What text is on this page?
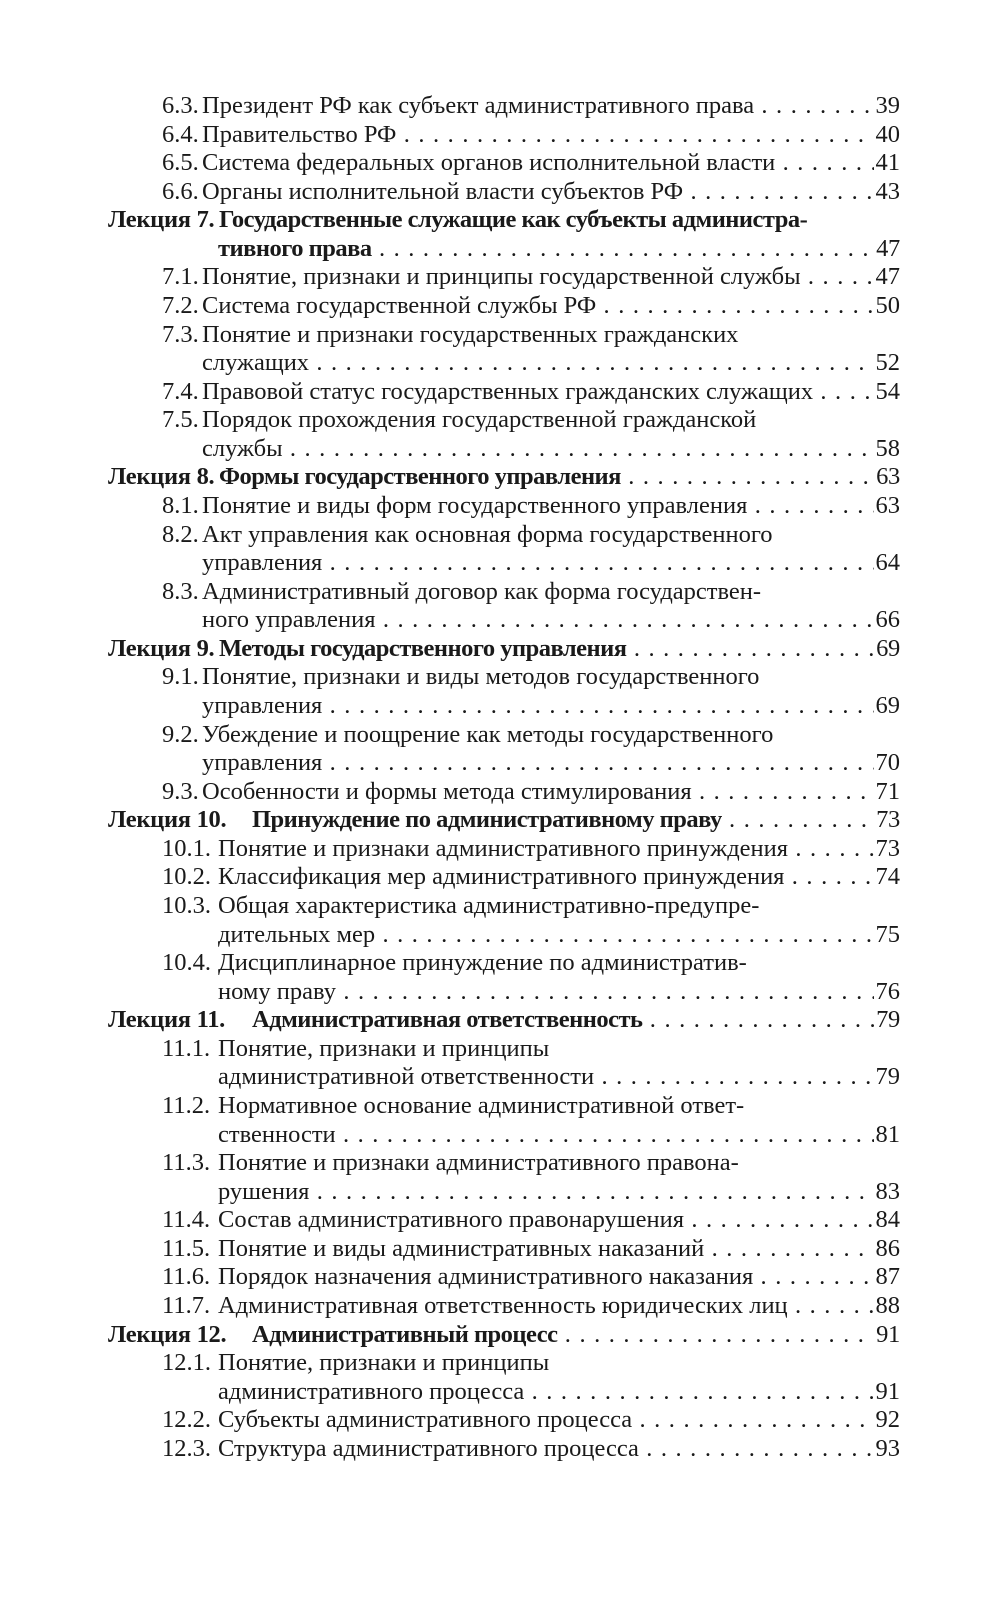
6.3. Президент РФ как субъект административного права . . .	39
6.4. Правительство РФ . . .	40
6.5. Система федеральных органов исполнительной власти . . .	41
6.6. Органы исполнительной власти субъектов РФ . . .	43
Лекция 7. Государственные служащие как субъекты администра-
тивного права . . .	47
7.1. Понятие, признаки и принципы государственной службы . . .	47
7.2. Система государственной службы РФ . . .	50
7.3. Понятие и признаки государственных гражданских
служащих . . .	52
7.4. Правовой статус государственных гражданских служащих . . .	54
7.5. Порядок прохождения государственной гражданской
службы . . .	58
Лекция 8. Формы государственного управления . . .	63
8.1. Понятие и виды форм государственного управления . . .	63
8.2. Акт управления как основная форма государственного
управления . . .	64
8.3. Административный договор как форма государствен-
ного управления . . .	66
Лекция 9. Методы государственного управления . . .	69
9.1. Понятие, признаки и виды методов государственного
управления . . .	69
9.2. Убеждение и поощрение как методы государственного
управления . . .	70
9.3. Особенности и формы метода стимулирования . . .	71
Лекция 10. Принуждение по административному праву . . .	73
10.1. Понятие и признаки административного принуждения . . .	73
10.2. Классификация мер административного принуждения . . .	74
10.3. Общая характеристика административно-предупре-
дительных мер . . .	75
10.4. Дисциплинарное принуждение по административ-
ному праву . . .	76
Лекция 11. Административная ответственность . . .	79
11.1. Понятие, признаки и принципы
административной ответственности . . .	79
11.2. Нормативное основание административной ответ-
ственности . . .	81
11.3. Понятие и признаки административного правона-
рушения . . .	83
11.4. Состав административного правонарушения . . .	84
11.5. Понятие и виды административных наказаний . . .	86
11.6. Порядок назначения административного наказания . . .	87
11.7. Административная ответственность юридических лиц . . .	88
Лекция 12. Административный процесс . . .	91
12.1. Понятие, признаки и принципы
административного процесса . . .	91
12.2. Субъекты административного процесса . . .	92
12.3. Структура административного процесса . . .	93
